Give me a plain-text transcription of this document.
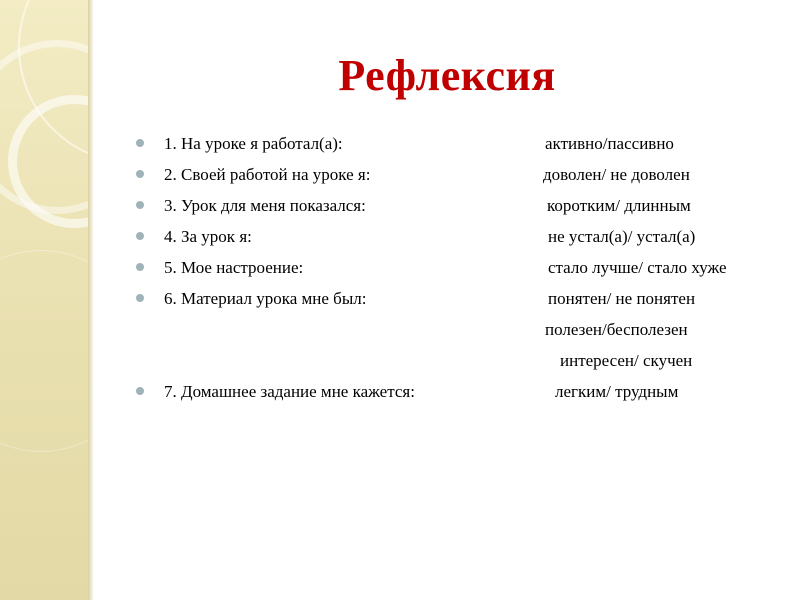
Рефлексия
1. На уроке я работал(а):	активно/пассивно
2. Своей работой на уроке я:	доволен/ не доволен
3. Урок для меня показался:	коротким/ длинным
4. За урок я:	не устал(а)/ устал(а)
5. Мое настроение:	стало лучше/ стало хуже
6. Материал урока мне был:	понятен/ не понятен
полезен/бесполезен
интересен/ скучен
7. Домашнее задание мне кажется:	легким/ трудным
